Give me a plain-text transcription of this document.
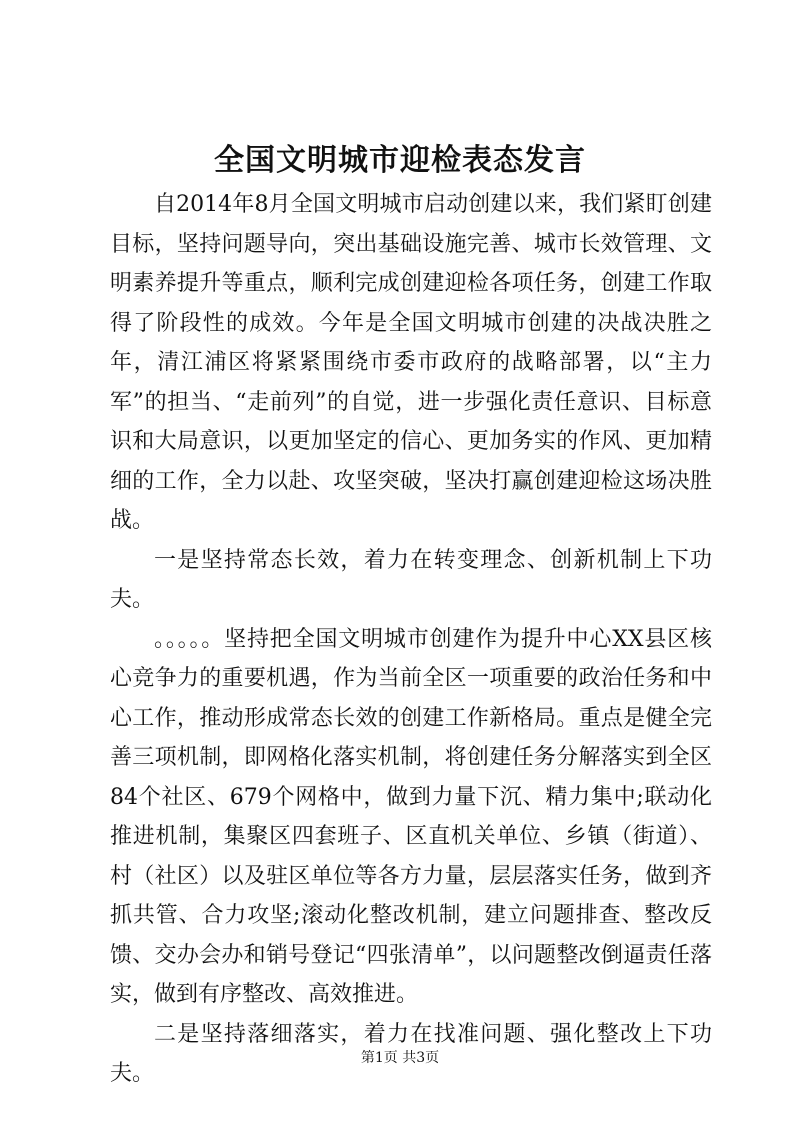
全国文明城市迎检表态发言

自2014年8月全国文明城市启动创建以来，我们紧盯创建目标，坚持问题导向，突出基础设施完善、城市长效管理、文明素养提升等重点，顺利完成创建迎检各项任务，创建工作取得了阶段性的成效。今年是全国文明城市创建的决战决胜之年，清江浦区将紧紧围绕市委市政府的战略部署，以“主力军”的担当、“走前列”的自觉，进一步强化责任意识、目标意识和大局意识，以更加坚定的信心、更加务实的作风、更加精细的工作，全力以赴、攻坚突破，坚决打赢创建迎检这场决胜战。

一是坚持常态长效，着力在转变理念、创新机制上下功夫。

。。。。。坚持把全国文明城市创建作为提升中心XX县区核心竞争力的重要机遇，作为当前全区一项重要的政治任务和中心工作，推动形成常态长效的创建工作新格局。重点是健全完善三项机制，即网格化落实机制，将创建任务分解落实到全区84个社区、679个网格中，做到力量下沉、精力集中;联动化推进机制，集聚区四套班子、区直机关单位、乡镇（街道）、村（社区）以及驻区单位等各方力量，层层落实任务，做到齐抓共管、合力攻坚;滚动化整改机制，建立问题排查、整改反馈、交办会办和销号登记“四张清单”，以问题整改倒逼责任落实，做到有序整改、高效推进。

二是坚持落细落实，着力在找准问题、强化整改上下功夫。

第1页 共3页
